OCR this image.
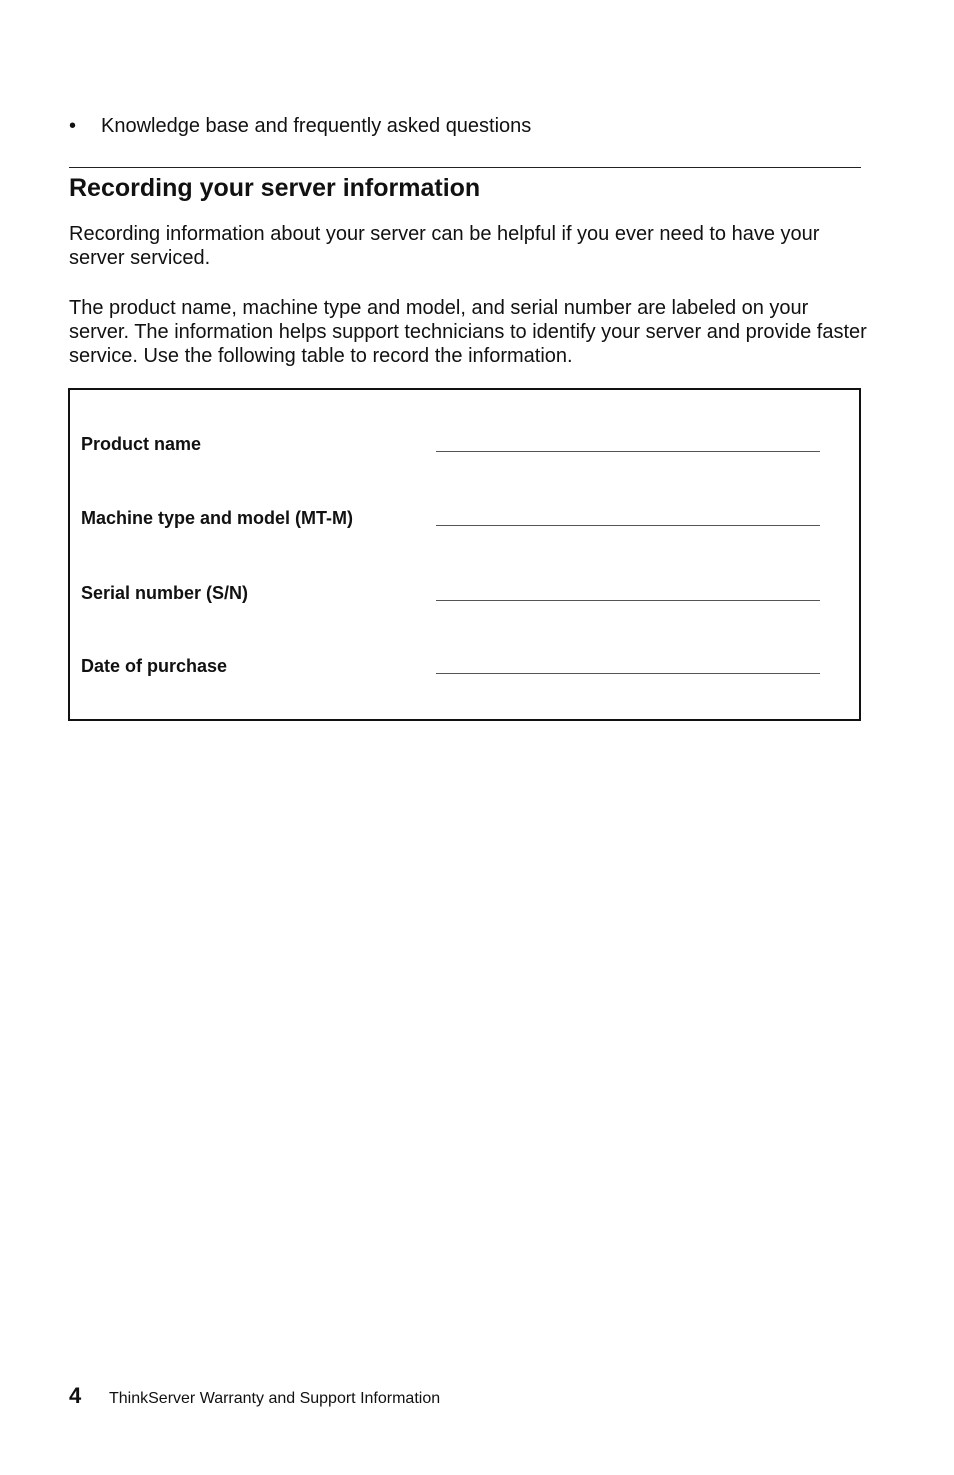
•	Knowledge base and frequently asked questions
Recording your server information

Recording information about your server can be helpful if you ever need to have your server serviced.

The product name, machine type and model, and serial number are labeled on your server. The information helps support technicians to identify your server and provide faster service. Use the following table to record the information.

Product name
Machine type and model (MT-M)
Serial number (S/N)
Date of purchase
4	ThinkServer Warranty and Support Information
